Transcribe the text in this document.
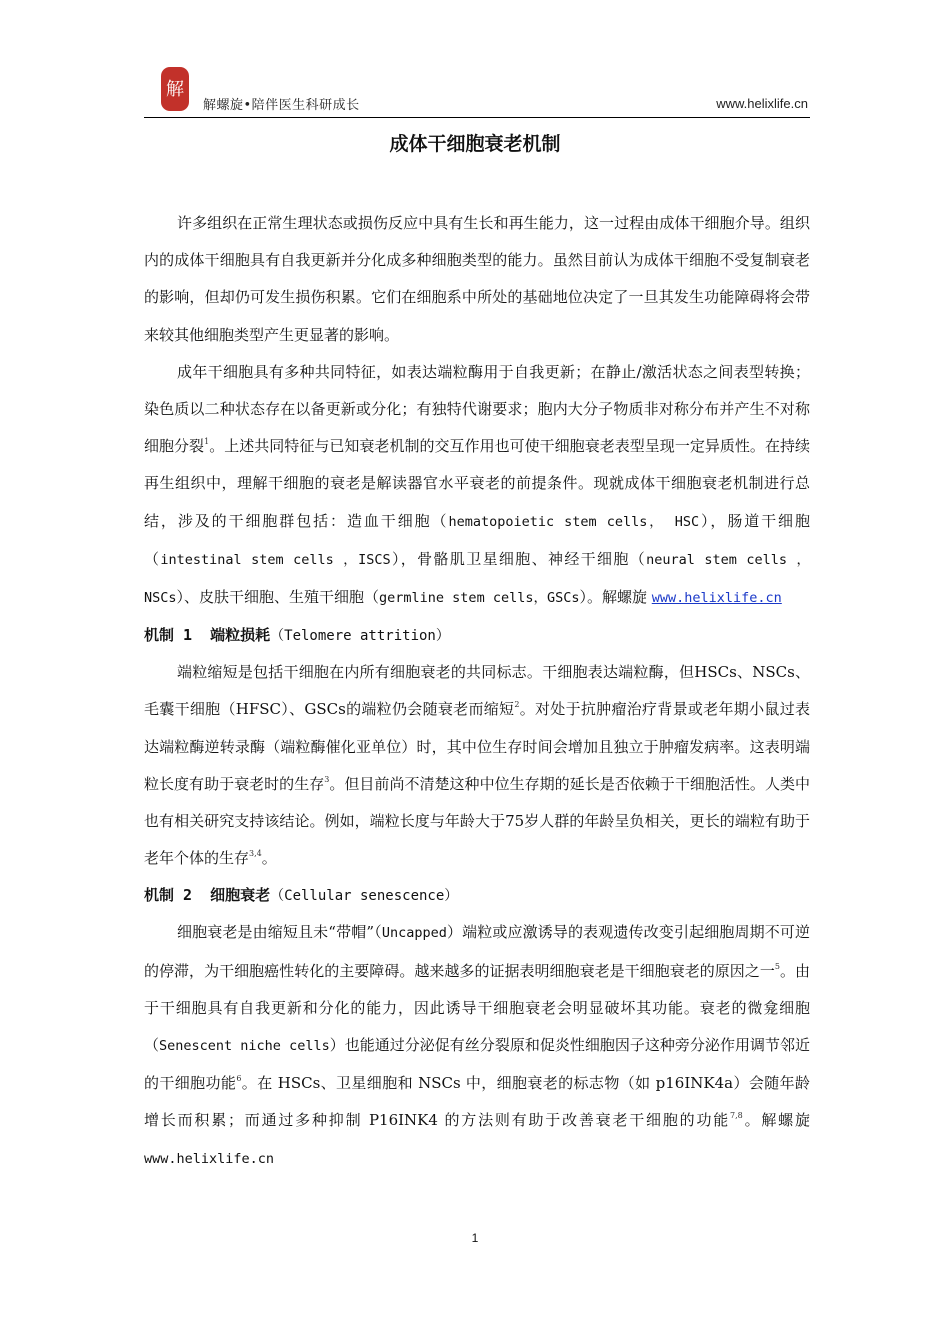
解
解螺旋•陪伴医生科研成长	www.helixlife.cn
成体干细胞衰老机制

许多组织在正常生理状态或损伤反应中具有生长和再生能力，这一过程由成体干细胞介导。组织内的成体干细胞具有自我更新并分化成多种细胞类型的能力。虽然目前认为成体干细胞不受复制衰老的影响，但却仍可发生损伤积累。它们在细胞系中所处的基础地位决定了一旦其发生功能障碍将会带来较其他细胞类型产生更显著的影响。

成年干细胞具有多种共同特征，如表达端粒酶用于自我更新；在静止/激活状态之间表型转换；染色质以二种状态存在以备更新或分化；有独特代谢要求；胞内大分子物质非对称分布并产生不对称细胞分裂$^1$。上述共同特征与已知衰老机制的交互作用也可使干细胞衰老表型呈现一定异质性。在持续再生组织中，理解干细胞的衰老是解读器官水平衰老的前提条件。现就成体干细胞衰老机制进行总结，涉及的干细胞群包括：造血干细胞（hematopoietic stem cells， HSC），肠道干细胞（intestinal stem cells ，ISCS），骨骼肌卫星细胞、神经干细胞（neural stem cells ，NSCs）、皮肤干细胞、生殖干细胞（germline stem cells，GSCs）。解螺旋 www.helixlife.cn

机制 1 端粒损耗（Telomere attrition）

端粒缩短是包括干细胞在内所有细胞衰老的共同标志。干细胞表达端粒酶，但HSCs、NSCs、毛囊干细胞（HFSC）、GSCs的端粒仍会随衰老而缩短$^2$。对处于抗肿瘤治疗背景或老年期小鼠过表达端粒酶逆转录酶（端粒酶催化亚单位）时，其中位生存时间会增加且独立于肿瘤发病率。这表明端粒长度有助于衰老时的生存$^3$。但目前尚不清楚这种中位生存期的延长是否依赖于干细胞活性。人类中也有相关研究支持该结论。例如，端粒长度与年龄大于75岁人群的年龄呈负相关，更长的端粒有助于老年个体的生存$^{3,4}$。

机制 2 细胞衰老（Cellular senescence）

细胞衰老是由缩短且未“带帽”（Uncapped）端粒或应激诱导的表观遗传改变引起细胞周期不可逆的停滞，为干细胞癌性转化的主要障碍。越来越多的证据表明细胞衰老是干细胞衰老的原因之一$^5$。由于干细胞具有自我更新和分化的能力，因此诱导干细胞衰老会明显破坏其功能。衰老的微龛细胞（Senescent niche cells）也能通过分泌促有丝分裂原和促炎性细胞因子这种旁分泌作用调节邻近的干细胞功能$^6$。在 HSCs、卫星细胞和 NSCs 中，细胞衰老的标志物（如 p16INK4a）会随年龄增长而积累；而通过多种抑制 P16INK4 的方法则有助于改善衰老干细胞的功能$^{7,8}$。解螺旋 www.helixlife.cn

1
